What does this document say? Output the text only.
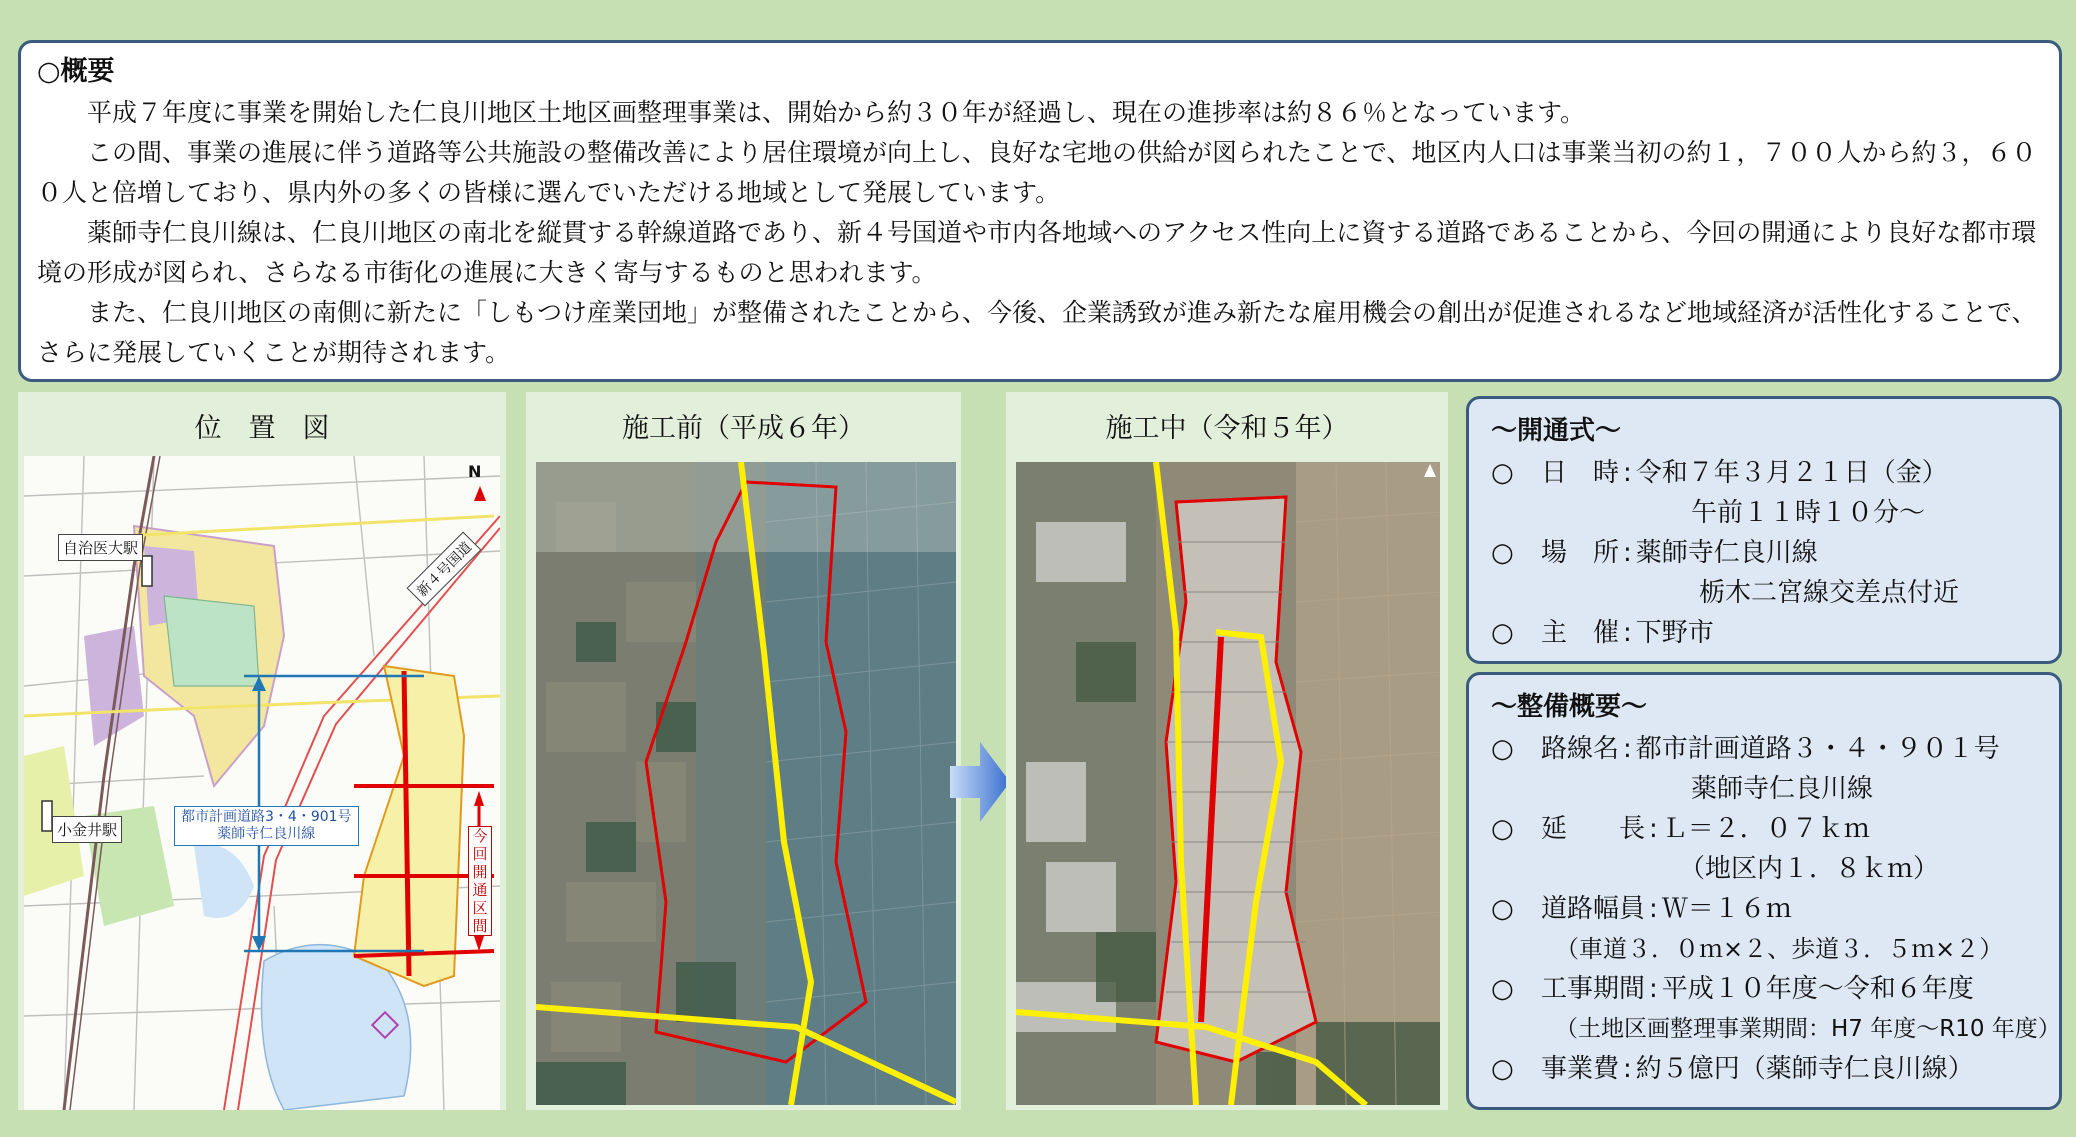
○概要

平成７年度に事業を開始した仁良川地区土地区画整理事業は、開始から約３０年が経過し、現在の進捗率は約８６％となっています。

この間、事業の進展に伴う道路等公共施設の整備改善により居住環境が向上し、良好な宅地の供給が図られたことで、地区内人口は事業当初の約１，７００人から約３，６００人と倍増しており、県内外の多くの皆様に選んでいただける地域として発展しています。

薬師寺仁良川線は、仁良川地区の南北を縦貫する幹線道路であり、新４号国道や市内各地域へのアクセス性向上に資する道路であることから、今回の開通により良好な都市環境の形成が図られ、さらなる市街化の進展に大きく寄与するものと思われます。

また、仁良川地区の南側に新たに「しもつけ産業団地」が整備されたことから、今後、企業誘致が進み新たな雇用機会の創出が促進されるなど地域経済が活性化することで、さらに発展していくことが期待されます。

位　置　図
自治医大駅
小金井駅
新４号国道
都市計画道路3・4・901号
薬師寺仁良川線	今回開通区間
N
施工前（平成６年）	施工中（令和５年）	～開通式～
○	日　時 : 令和７年３月２１日（金）
午前１１時１０分～
○	場　所 : 薬師寺仁良川線
栃木二宮線交差点付近
○	主　催 : 下野市
～整備概要～
○	路線名 : 都市計画道路３・４・９０１号
薬師寺仁良川線
○	延　　長 : Ｌ＝２．０７ｋｍ
（地区内１．８ｋｍ）
○	道路幅員 : Ｗ＝１６ｍ
（車道３．０ｍ×２、歩道３．５ｍ×２）
○	工事期間 : 平成１０年度～令和６年度
（土地区画整理事業期間：H7 年度～R10 年度）
○	事業費 : 約５億円（薬師寺仁良川線）
